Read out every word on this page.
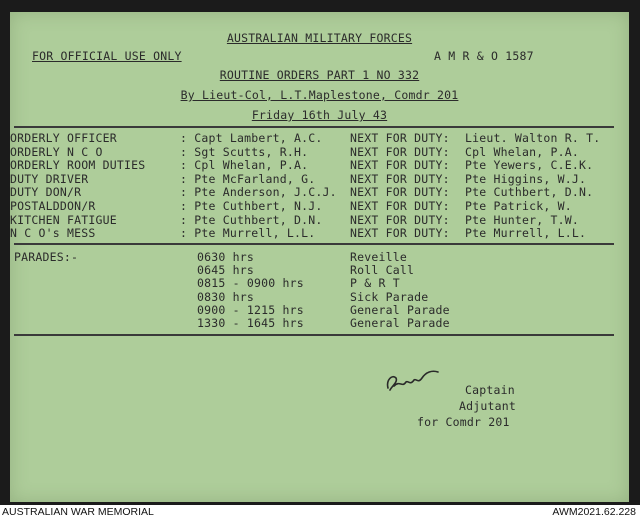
AUSTRALIAN MILITARY FORCES
FOR OFFICIAL USE ONLY	A M R & O 1587
ROUTINE ORDERS PART 1 NO 332
By Lieut-Col, L.T.Maplestone, Comdr 201
Friday 16th July 43
ORDERLY OFFICER	: Capt Lambert, A.C. NEXT FOR DUTY: Lieut. Walton R. T.
ORDERLY N C O	: Sgt Scutts, R.H.	NEXT FOR DUTY: Cpl Whelan, P.A.
ORDERLY ROOM DUTIES	: Cpl Whelan, P.A.	NEXT FOR DUTY: Pte Yewers, C.E.K.
DUTY DRIVER	: Pte McFarland, G.	NEXT FOR DUTY: Pte Higgins, W.J.
DUTY DON/R	: Pte Anderson, J.C.J. NEXT FOR DUTY: Pte Cuthbert, D.N.
POSTALDDON/R	: Pte Cuthbert, N.J. NEXT FOR DUTY: Pte Patrick, W.
KITCHEN FATIGUE	: Pte Cuthbert, D.N. NEXT FOR DUTY: Pte Hunter, T.W.
N C O's MESS	: Pte Murrell, L.L.	NEXT FOR DUTY: Pte Murrell, L.L.
PARADES:-	0630 hrs	Reveille
0645 hrs	Roll Call
0815 - 0900 hrs	P & R T
0830 hrs	Sick Parade
0900 - 1215 hrs	General Parade
1330 - 1645 hrs	General Parade
Captain
Adjutant
for Comdr 201
AUSTRALIAN WAR MEMORIAL	AWM2021.62.228
